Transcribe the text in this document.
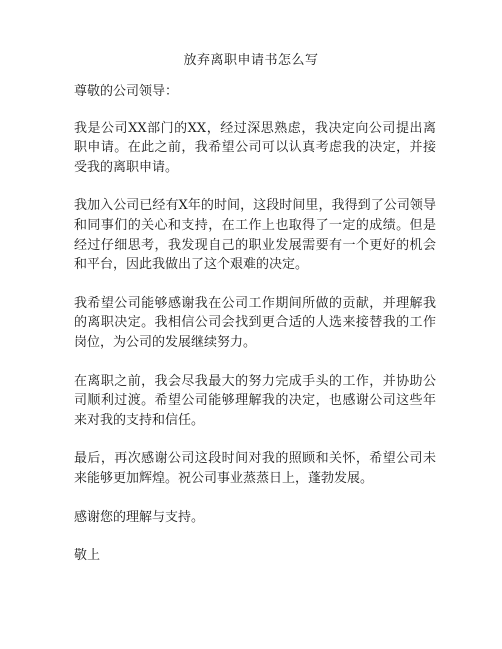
放弃离职申请书怎么写

尊敬的公司领导：

我是公司XX部门的XX，经过深思熟虑，我决定向公司提出离职申请。在此之前，我希望公司可以认真考虑我的决定，并接受我的离职申请。

我加入公司已经有X年的时间，这段时间里，我得到了公司领导和同事们的关心和支持，在工作上也取得了一定的成绩。但是经过仔细思考，我发现自己的职业发展需要有一个更好的机会和平台，因此我做出了这个艰难的决定。

我希望公司能够感谢我在公司工作期间所做的贡献，并理解我的离职决定。我相信公司会找到更合适的人选来接替我的工作岗位，为公司的发展继续努力。

在离职之前，我会尽我最大的努力完成手头的工作，并协助公司顺利过渡。希望公司能够理解我的决定，也感谢公司这些年来对我的支持和信任。

最后，再次感谢公司这段时间对我的照顾和关怀，希望公司未来能够更加辉煌。祝公司事业蒸蒸日上，蓬勃发展。

感谢您的理解与支持。

敬上
